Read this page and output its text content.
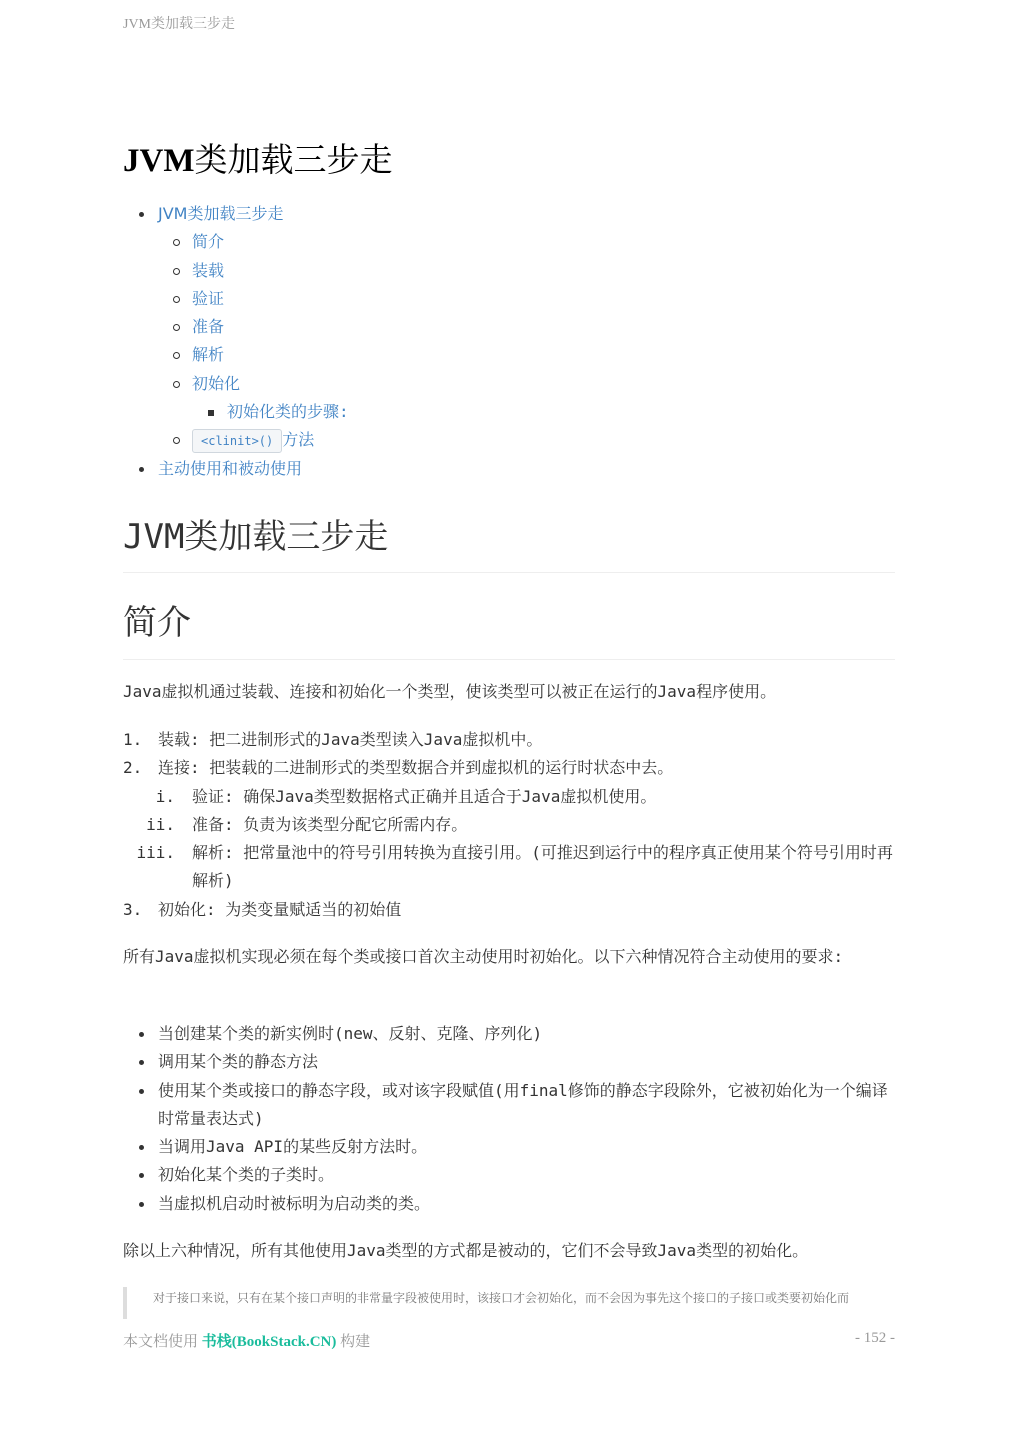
JVM类加载三步走
JVM类加载三步走
JVM类加载三步走
简介
装载
验证
准备
解析
初始化
初始化类的步骤:
<clinit>() 方法
主动使用和被动使用
JVM类加载三步走
简介

Java虚拟机通过装载、连接和初始化一个类型，使该类型可以被正在运行的Java程序使用。

1. 装载: 把二进制形式的Java类型读入Java虚拟机中。
2. 连接: 把装载的二进制形式的类型数据合并到虚拟机的运行时状态中去。
i. 验证: 确保Java类型数据格式正确并且适合于Java虚拟机使用。
ii. 准备: 负责为该类型分配它所需内存。
iii. 解析: 把常量池中的符号引用转换为直接引用。(可推迟到运行中的程序真正使用某个符号引用时再解析)
3. 初始化: 为类变量赋适当的初始值

所有Java虚拟机实现必须在每个类或接口首次主动使用时初始化。以下六种情况符合主动使用的要求:

当创建某个类的新实例时(new、反射、克隆、序列化)
调用某个类的静态方法
使用某个类或接口的静态字段，或对该字段赋值(用final修饰的静态字段除外，它被初始化为一个编译时常量表达式)
当调用Java API的某些反射方法时。
初始化某个类的子类时。
当虚拟机启动时被标明为启动类的类。

除以上六种情况，所有其他使用Java类型的方式都是被动的，它们不会导致Java类型的初始化。

对于接口来说，只有在某个接口声明的非常量字段被使用时，该接口才会初始化，而不会因为事先这个接口的子接口或类要初始化而
本文档使用 书栈(BookStack.CN) 构建	- 152 -
